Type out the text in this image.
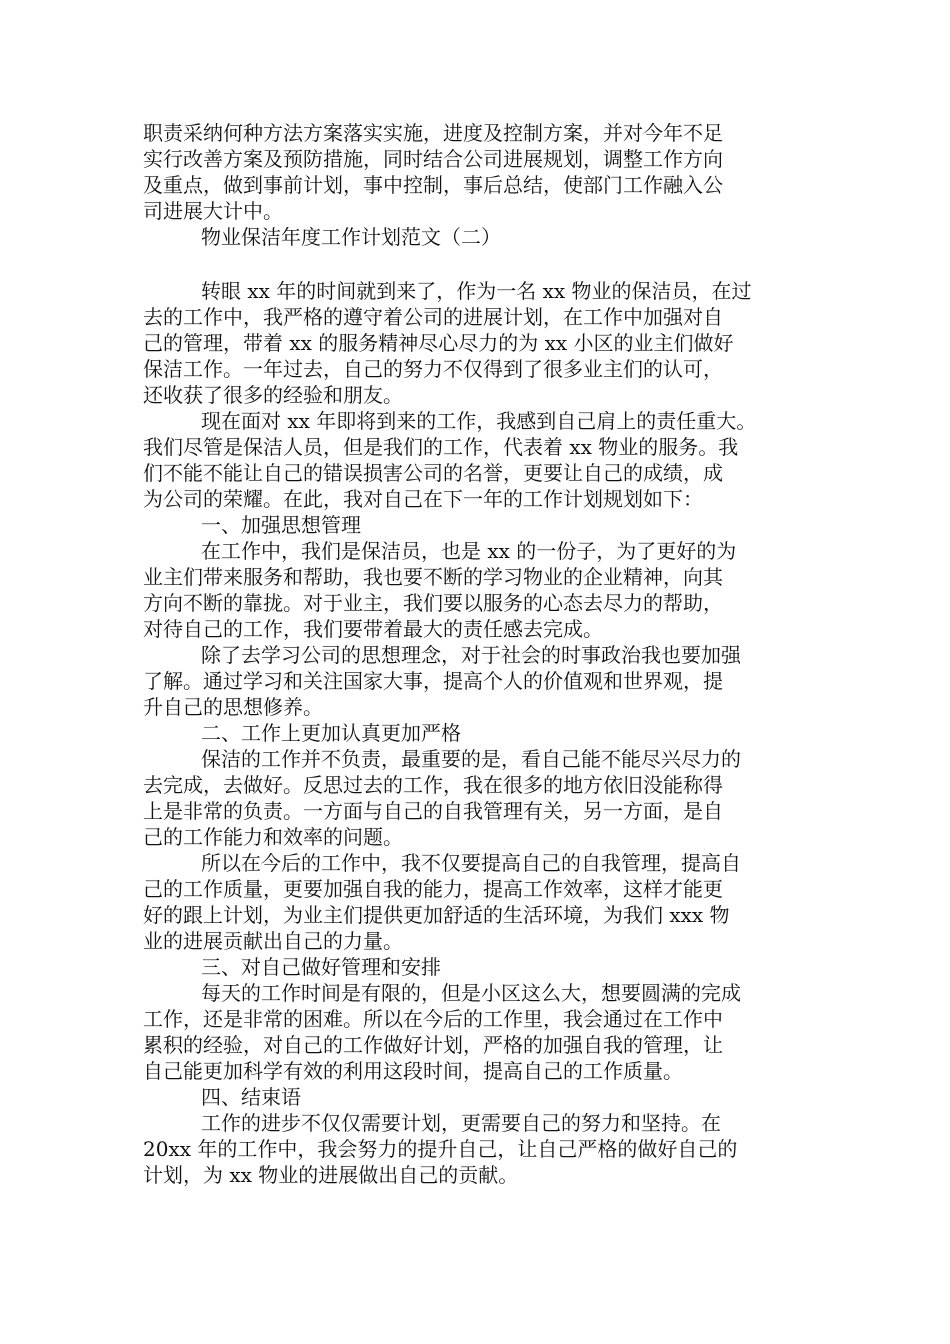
职责采纳何种方法方案落实实施，进度及控制方案，并对今年不足
实行改善方案及预防措施，同时结合公司进展规划，调整工作方向
及重点，做到事前计划，事中控制，事后总结，使部门工作融入公
司进展大计中。

物业保洁年度工作计划范文（二）

转眼 xx 年的时间就到来了，作为一名 xx 物业的保洁员，在过
去的工作中，我严格的遵守着公司的进展计划，在工作中加强对自
己的管理，带着 xx 的服务精神尽心尽力的为 xx 小区的业主们做好
保洁工作。一年过去，自己的努力不仅得到了很多业主们的认可，
还收获了很多的经验和朋友。

现在面对 xx 年即将到来的工作，我感到自己肩上的责任重大。
我们尽管是保洁人员，但是我们的工作，代表着 xx 物业的服务。我
们不能不能让自己的错误损害公司的名誉，更要让自己的成绩，成
为公司的荣耀。在此，我对自己在下一年的工作计划规划如下：

一、加强思想管理

在工作中，我们是保洁员，也是 xx 的一份子，为了更好的为
业主们带来服务和帮助，我也要不断的学习物业的企业精神，向其
方向不断的靠拢。对于业主，我们要以服务的心态去尽力的帮助，
对待自己的工作，我们要带着最大的责任感去完成。

除了去学习公司的思想理念，对于社会的时事政治我也要加强
了解。通过学习和关注国家大事，提高个人的价值观和世界观，提
升自己的思想修养。

二、工作上更加认真更加严格

保洁的工作并不负责，最重要的是，看自己能不能尽兴尽力的
去完成，去做好。反思过去的工作，我在很多的地方依旧没能称得
上是非常的负责。一方面与自己的自我管理有关，另一方面，是自
己的工作能力和效率的问题。

所以在今后的工作中，我不仅要提高自己的自我管理，提高自
己的工作质量，更要加强自我的能力，提高工作效率，这样才能更
好的跟上计划，为业主们提供更加舒适的生活环境，为我们 xxx 物
业的进展贡献出自己的力量。

三、对自己做好管理和安排

每天的工作时间是有限的，但是小区这么大，想要圆满的完成
工作，还是非常的困难。所以在今后的工作里，我会通过在工作中
累积的经验，对自己的工作做好计划，严格的加强自我的管理，让
自己能更加科学有效的利用这段时间，提高自己的工作质量。

四、结束语

工作的进步不仅仅需要计划，更需要自己的努力和坚持。在
20xx 年的工作中，我会努力的提升自己，让自己严格的做好自己的
计划，为 xx 物业的进展做出自己的贡献。
